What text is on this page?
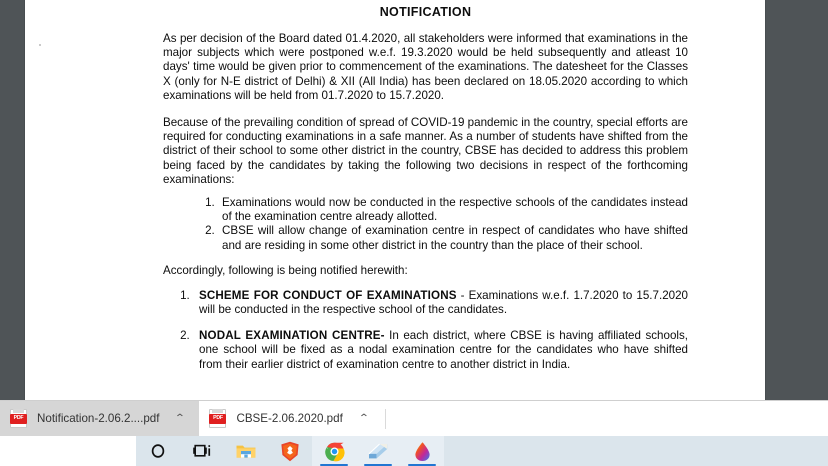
NOTIFICATION

As per decision of the Board dated 01.4.2020, all stakeholders were informed that examinations in the major subjects which were postponed w.e.f. 19.3.2020 would be held subsequently and atleast 10 days' time would be given prior to commencement of the examinations. The datesheet for the Classes X (only for N-E district of Delhi) & XII (All India) has been declared on 18.05.2020 according to which examinations will be held from 01.7.2020 to 15.7.2020.

Because of the prevailing condition of spread of COVID-19 pandemic in the country, special efforts are required for conducting examinations in a safe manner. As a number of students have shifted from the district of their school to some other district in the country, CBSE has decided to address this problem being faced by the candidates by taking the following two decisions in respect of the forthcoming examinations:

1. Examinations would now be conducted in the respective schools of the candidates instead of the examination centre already allotted.
2. CBSE will allow change of examination centre in respect of candidates who have shifted and are residing in some other district in the country than the place of their school.

Accordingly, following is being notified herewith:

1. SCHEME FOR CONDUCT OF EXAMINATIONS - Examinations w.e.f. 1.7.2020 to 15.7.2020 will be conducted in the respective school of the candidates.
2. NODAL EXAMINATION CENTRE- In each district, where CBSE is having affiliated schools, one school will be fixed as a nodal examination centre for the candidates who have shifted from their earlier district of examination centre to another district in India.
PDF
Notification-2.06.2....pdf ⌃ PDF	CBSE-2.06.2020.pdf ⌃
